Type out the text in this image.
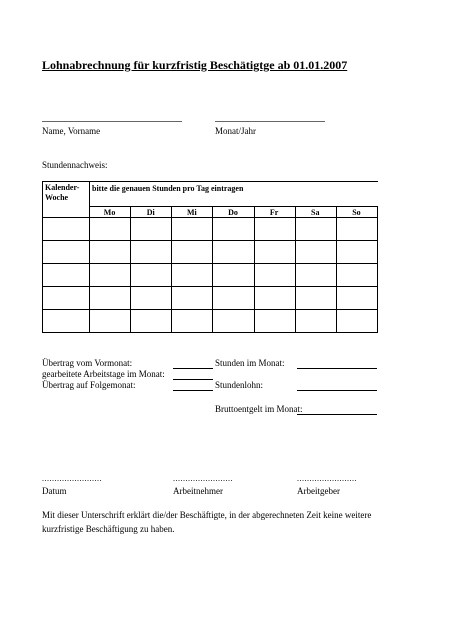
Lohnabrechnung für kurzfristig Beschätigtge ab 01.01.2007
Name, Vorname	Monat/Jahr
Stundennachweis:
Kalender-
Woche
bitte die genauen Stunden pro Tag eintragen
Mo	Di	Mi	Do	Fr	Sa	So
Übertrag vom Vormonat:
gearbeitete Arbeitstage im Monat:
Übertrag auf Folgemonat:
Stunden im Monat:
Stundenlohn:
Bruttoentgelt im Monat:
........................	........................	........................
Datum	Arbeitnehmer	Arbeitgeber
Mit dieser Unterschrift erklärt die/der Beschäftigte, in der abgerechneten Zeit keine weitere kurzfristige Beschäftigung zu haben.
